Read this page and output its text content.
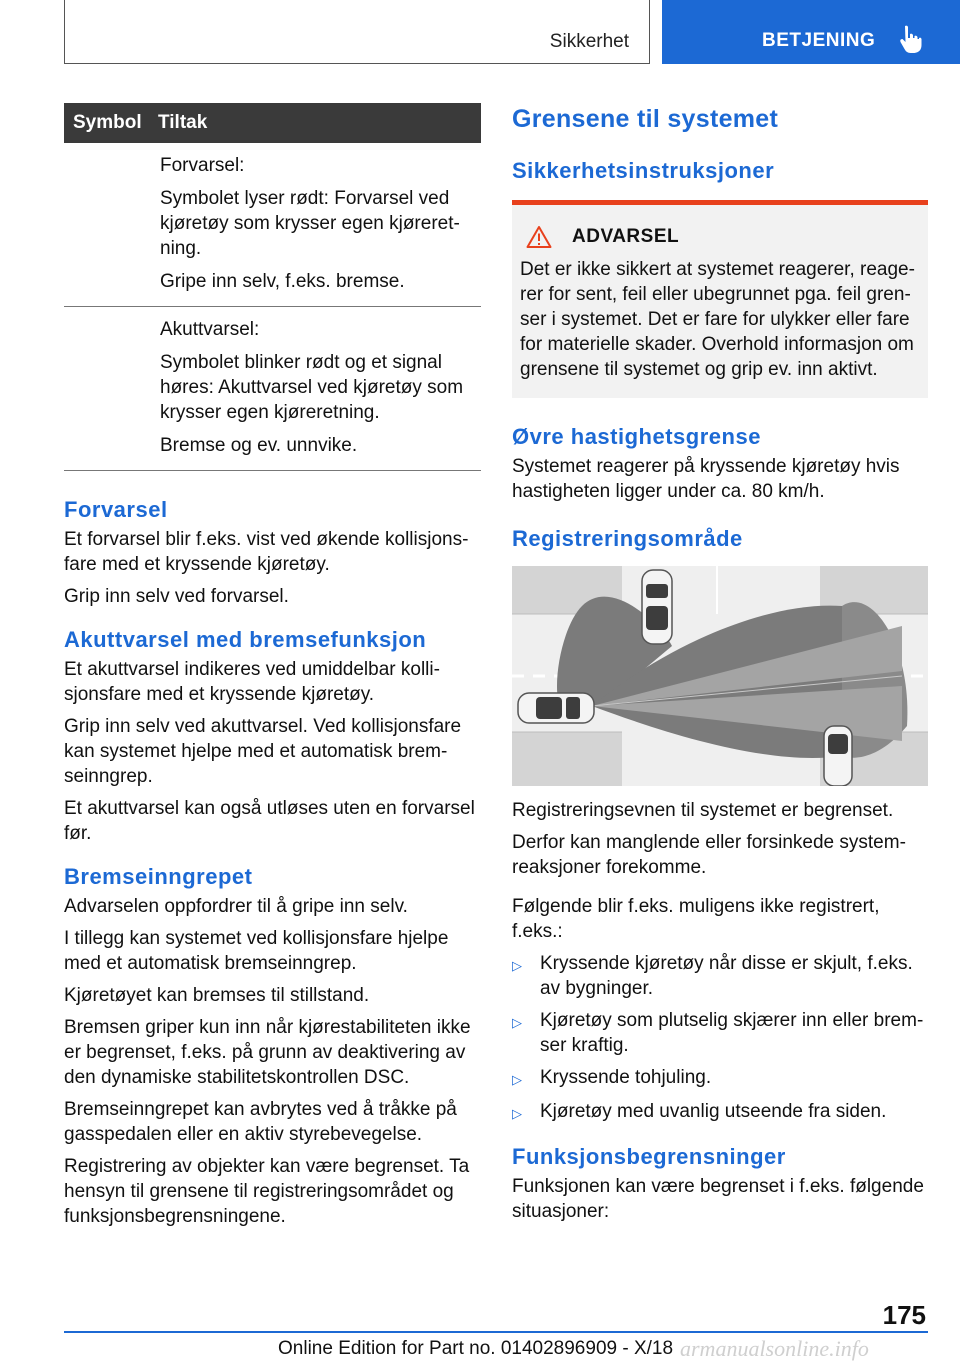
Sikkerhet	BETJENING
Symbol Tiltak

Forvarsel:

Symbolet lyser rødt: Forvarsel ved kjøretøy som krysser egen kjøreret- ning.

Gripe inn selv, f.eks. bremse.

Akuttvarsel:

Symbolet blinker rødt og et signal høres: Akuttvarsel ved kjøretøy som krysser egen kjøreretning.

Bremse og ev. unnvike.

Forvarsel

Et forvarsel blir f.eks. vist ved økende kollisjons- fare med et kryssende kjøretøy.

Grip inn selv ved forvarsel.

Akuttvarsel med bremsefunksjon

Et akuttvarsel indikeres ved umiddelbar kolli- sjonsfare med et kryssende kjøretøy.

Grip inn selv ved akuttvarsel. Ved kollisjonsfare kan systemet hjelpe med et automatisk brem- seinngrep.

Et akuttvarsel kan også utløses uten en forvarsel før.

Bremseinngrepet

Advarselen oppfordrer til å gripe inn selv.

I tillegg kan systemet ved kollisjonsfare hjelpe med et automatisk bremseinngrep.

Kjøretøyet kan bremses til stillstand.

Bremsen griper kun inn når kjørestabiliteten ikke er begrenset, f.eks. på grunn av deaktivering av den dynamiske stabilitetskontrollen DSC.

Bremseinngrepet kan avbrytes ved å tråkke på gasspedalen eller en aktiv styrebevegelse.

Registrering av objekter kan være begrenset. Ta hensyn til grensene til registreringsområdet og funksjonsbegrensningene.

Grensene til systemet
Sikkerhetsinstruksjoner
ADVARSEL

Det er ikke sikkert at systemet reagerer, reage- rer for sent, feil eller ubegrunnet pga. feil gren- ser i systemet. Det er fare for ulykker eller fare for materielle skader. Overhold informasjon om grensene til systemet og grip ev. inn aktivt.

Øvre hastighetsgrense

Systemet reagerer på kryssende kjøretøy hvis hastigheten ligger under ca. 80 km/h.

Registreringsområde

Registreringsevnen til systemet er begrenset.

Derfor kan manglende eller forsinkede system- reaksjoner forekomme.

Følgende blir f.eks. muligens ikke registrert, f.eks.:

▷ Kryssende kjøretøy når disse er skjult, f.eks. av bygninger.
▷ Kjøretøy som plutselig skjærer inn eller brem- ser kraftig.
▷ Kryssende tohjuling.
▷ Kjøretøy med uvanlig utseende fra siden.
Funksjonsbegrensninger

Funksjonen kan være begrenset i f.eks. følgende situasjoner:

175
Online Edition for Part no. 01402896909 - X/18 armanualsonline.info
